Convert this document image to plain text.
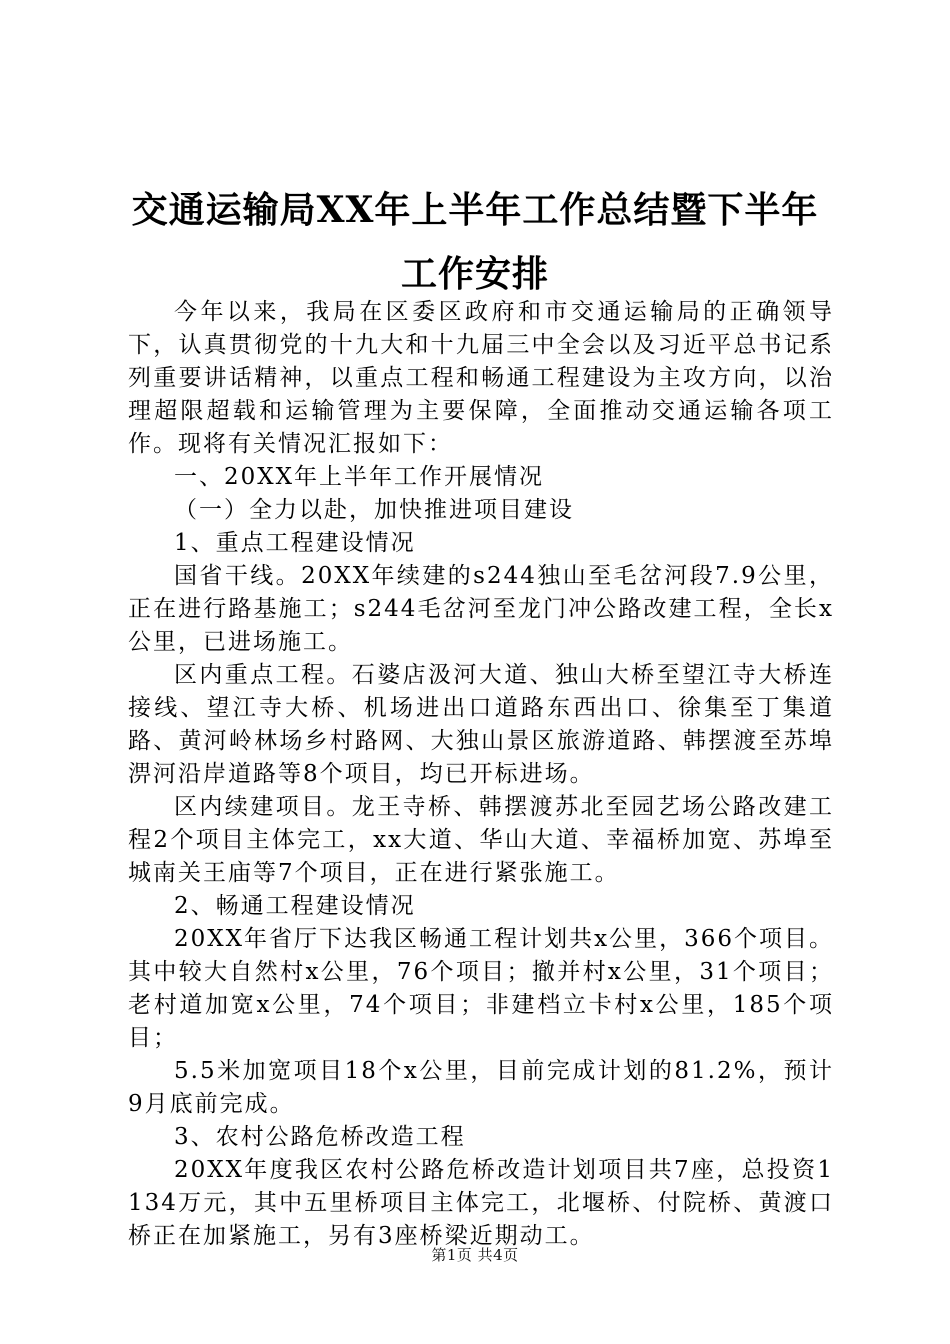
交通运输局XX年上半年工作总结暨下半年工作安排

今年以来，我局在区委区政府和市交通运输局的正确领导下，认真贯彻党的十九大和十九届三中全会以及习近平总书记系列重要讲话精神，以重点工程和畅通工程建设为主攻方向，以治理超限超载和运输管理为主要保障，全面推动交通运输各项工作。现将有关情况汇报如下：

一、20XX年上半年工作开展情况

（一）全力以赴，加快推进项目建设

1、重点工程建设情况

国省干线。20XX年续建的s244独山至毛岔河段7.9公里，正在进行路基施工；s244毛岔河至龙门冲公路改建工程，全长x公里，已进场施工。

区内重点工程。石婆店汲河大道、独山大桥至望江寺大桥连接线、望江寺大桥、机场进出口道路东西出口、徐集至丁集道路、黄河岭林场乡村路网、大独山景区旅游道路、韩摆渡至苏埠淠河沿岸道路等8个项目，均已开标进场。

区内续建项目。龙王寺桥、韩摆渡苏北至园艺场公路改建工程2个项目主体完工，xx大道、华山大道、幸福桥加宽、苏埠至城南关王庙等7个项目，正在进行紧张施工。

2、畅通工程建设情况

20XX年省厅下达我区畅通工程计划共x公里，366个项目。其中较大自然村x公里，76个项目；撤并村x公里，31个项目；老村道加宽x公里，74个项目；非建档立卡村x公里，185个项目；

5.5米加宽项目18个x公里，目前完成计划的81.2%，预计9月底前完成。

3、农村公路危桥改造工程

20XX年度我区农村公路危桥改造计划项目共7座，总投资1134万元，其中五里桥项目主体完工，北堰桥、付院桥、黄渡口桥正在加紧施工，另有3座桥梁近期动工。

第1页 共4页
